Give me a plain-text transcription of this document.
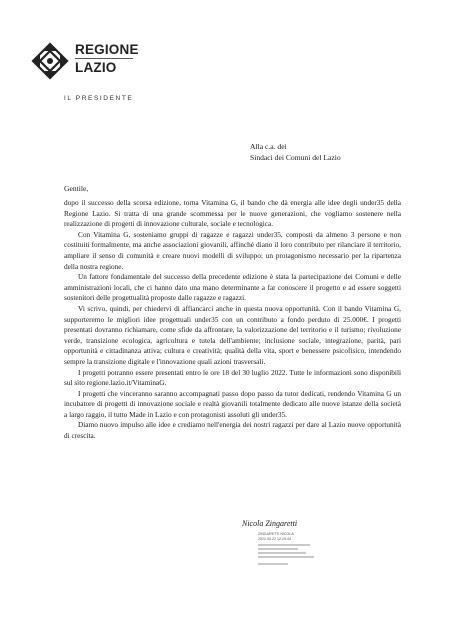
REGIONE
LAZIO
IL PRESIDENTE
Alla c.a. dei
Sindaci dei Comuni del Lazio
Gentile,

dopo il successo della scorsa edizione, torna Vitamina G, il bando che dà energia alle idee degli under35 della Regione Lazio. Si tratta di una grande scommessa per le nuove generazioni, che vogliamo sostenere nella realizzazione di progetti di innovazione culturale, sociale e tecnologica.

Con Vitamina G, sosteniamo gruppi di ragazze e ragazzi under35, composti da almeno 3 persone e non costituiti formalmente, ma anche associazioni giovanili, affinché diano il loro contributo per rilanciare il territorio, ampliare il senso di comunità e creare nuovi modelli di sviluppo: un protagonismo necessario per la ripartenza della nostra regione.

Un fattore fondamentale del successo della precedente edizione è stata la partecipazione dei Comuni e delle amministrazioni locali, che ci hanno dato una mano determinante a far conoscere il progetto e ad essere soggetti sostenitori delle progettualità proposte dalle ragazze e ragazzi.

Vi scrivo, quindi, per chiedervi di affiancarci anche in questa nuova opportunità. Con il bando Vitamina G, supporteremo le migliori idee progettuali under35 con un contributo a fondo perduto di 25.000€. I progetti presentati dovranno richiamare, come sfide da affrontare, la valorizzazione del territorio e il turismo; rivoluzione verde, transizione ecologica, agricoltura e tutela dell'ambiente; inclusione sociale, integrazione, parità, pari opportunità e cittadinanza attiva; cultura e creatività; qualità della vita, sport e benessere psicofisico, intendendo sempre la transizione digitale e l'innovazione quali azioni trasversali.

I progetti potranno essere presentati entro le ore 18 del 30 luglio 2022. Tutte le informazioni sono disponibili sul sito regione.lazio.it/VitaminaG.

I progetti che vinceranno saranno accompagnati passo dopo passo da tutor dedicati, rendendo Vitamina G un incubatore di progetti di innovazione sociale e realtà giovanili totalmente dedicato alle nuove istanze della società a largo raggio, il tutto Made in Lazio e con protagonisti assoluti gli under35.

Diamo nuovo impulso alle idee e crediamo nell'energia dei nostri ragazzi per dare al Lazio nuove opportunità di crescita.

Nicola Zingaretti
ZINGARETTI NICOLA
2022.05.22 12:25:44
